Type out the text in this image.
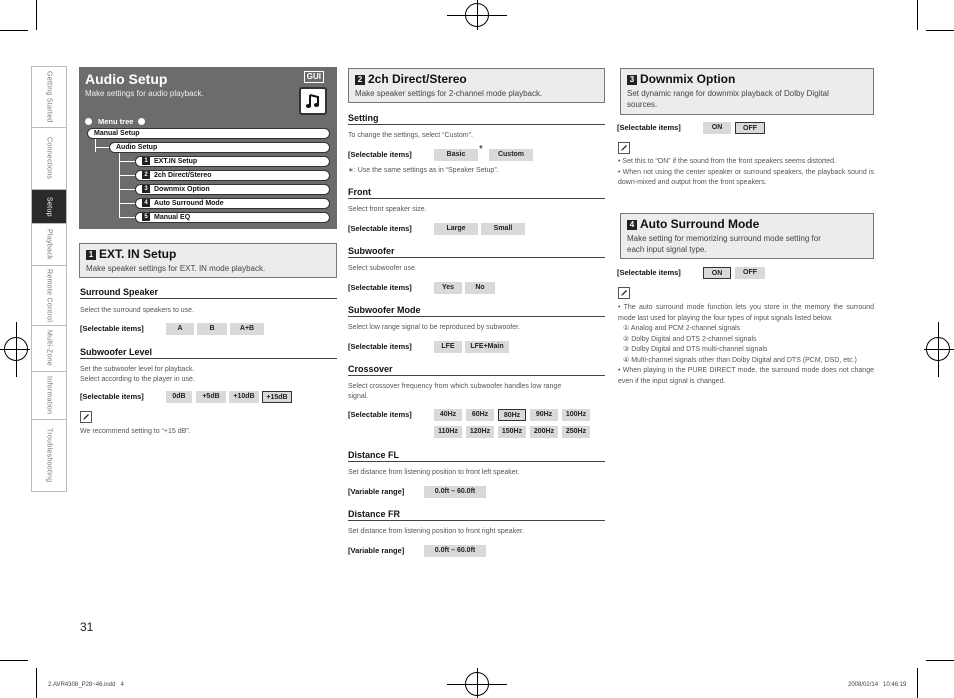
Getting Started
Connections
Setup
Playback
Remote Control
Multi-Zone
Information
Troubleshooting
Audio Setup
Make settings for audio playback.
GUI
Menu tree
Manual Setup
Audio Setup
1 EXT.IN Setup
2 2ch Direct/Stereo
3 Downmix Option
4 Auto Surround Mode
5 Manual EQ
1 EXT. IN Setup
Make speaker settings for EXT. IN mode playback.
Surround Speaker
Select the surround speakers to use.
[Selectable items]	A	B	A+B
Subwoofer Level
Set the subwoofer level for playback.
Select according to the player in use.
[Selectable items]	0dB	+5dB	+10dB	+15dB
We recommend setting to “+15 dB”.
2 2ch Direct/Stereo
Make speaker settings for 2-channel mode playback.
Setting
To change the settings, select “Custom”.
[Selectable items]	Basic	*	Custom
∗: Use the same settings as in “Speaker Setup”.
Front
Select front speaker size.
[Selectable items]	Large	Small
Subwoofer
Select subwoofer use.
[Selectable items]	Yes	No
Subwoofer Mode
Select low range signal to be reproduced by subwoofer.
[Selectable items]	LFE	LFE+Main
Crossover
Select crossover frequency from which subwoofer handles low range
signal.
[Selectable items]	40Hz	60Hz	80Hz	90Hz	100Hz
110Hz	120Hz	150Hz	200Hz	250Hz
Distance FL
Set distance from listening position to front left speaker.
[Variable range]	0.0ft – 60.0ft
Distance FR
Set distance from listening position to front right speaker.
[Variable range]	0.0ft – 60.0ft
3 Downmix Option
Set dynamic range for downmix playback of Dolby Digital
sources.
[Selectable items]	ON	OFF

• Set this to “ON” if the sound from the front speakers seems distorted.

• When not using the center speaker or surround speakers, the playback sound is down-mixed and output from the front speakers.

4 Auto Surround Mode
Make setting for memorizing surround mode setting for
each input signal type.
[Selectable items]	ON	OFF

• The auto surround mode function lets you store in the memory the surround mode last used for playing the four types of input signals listed below.

① Analog and PCM 2-channel signals

② Dolby Digital and DTS 2-channel signals

③ Dolby Digital and DTS multi-channel signals

④ Multi-channel signals other than Dolby Digital and DTS (PCM, DSD, etc.)

• When playing in the PURE DIRECT mode, the surround mode does not change even if the input signal is changed.

31
2.AVR4308_P28~46.indd   4	2008/02/14   10:46:19
